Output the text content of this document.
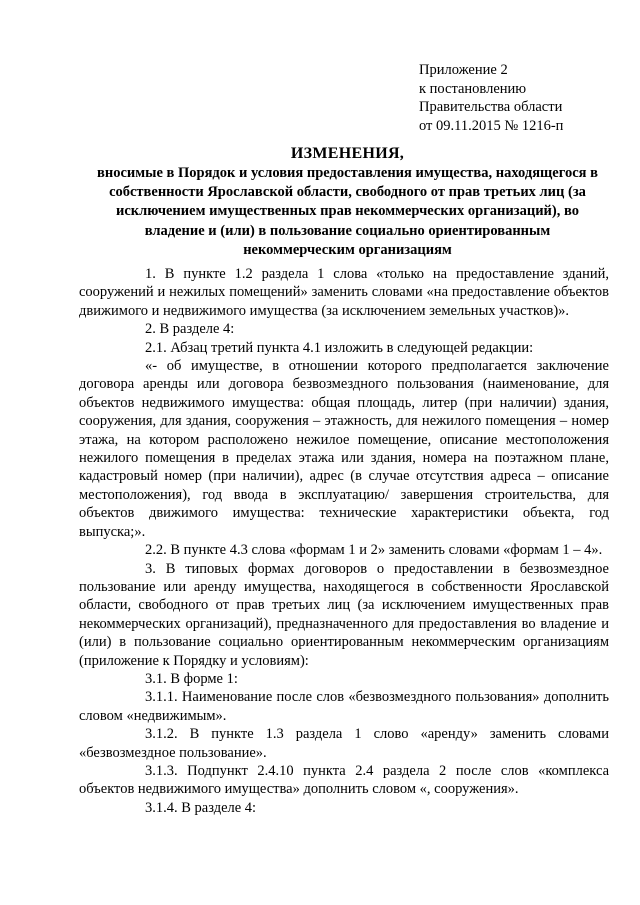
Приложение 2
к постановлению
Правительства области
от 09.11.2015 № 1216-п
ИЗМЕНЕНИЯ,
вносимые в Порядок и условия предоставления имущества, находящегося в собственности Ярославской области, свободного от прав третьих лиц (за исключением имущественных прав некоммерческих организаций), во владение и (или) в пользование социально ориентированным некоммерческим организациям

1. В пункте 1.2 раздела 1 слова «только на предоставление зданий, сооружений и нежилых помещений» заменить словами «на предоставление объектов движимого и недвижимого имущества (за исключением земельных участков)».

2. В разделе 4:

2.1. Абзац третий пункта 4.1 изложить в следующей редакции:

«- об имуществе, в отношении которого предполагается заключение договора аренды или договора безвозмездного пользования (наименование, для объектов недвижимого имущества: общая площадь, литер (при наличии) здания, сооружения, для здания, сооружения – этажность, для нежилого помещения – номер этажа, на котором расположено нежилое помещение, описание местоположения нежилого помещения в пределах этажа или здания, номера на поэтажном плане, кадастровый номер (при наличии), адрес (в случае отсутствия адреса – описание местоположения), год ввода в эксплуатацию/ завершения строительства, для объектов движимого имущества: технические характеристики объекта, год выпуска;».

2.2. В пункте 4.3 слова «формам 1 и 2» заменить словами «формам 1 – 4».

3. В типовых формах договоров о предоставлении в безвозмездное пользование или аренду имущества, находящегося в собственности Ярославской области, свободного от прав третьих лиц (за исключением имущественных прав некоммерческих организаций), предназначенного для предоставления во владение и (или) в пользование социально ориентированным некоммерческим организациям (приложение к Порядку и условиям):

3.1. В форме 1:

3.1.1. Наименование после слов «безвозмездного пользования» дополнить словом «недвижимым».

3.1.2. В пункте 1.3 раздела 1 слово «аренду» заменить словами «безвозмездное пользование».

3.1.3. Подпункт 2.4.10 пункта 2.4 раздела 2 после слов «комплекса объектов недвижимого имущества» дополнить словом «, сооружения».

3.1.4. В разделе 4:
